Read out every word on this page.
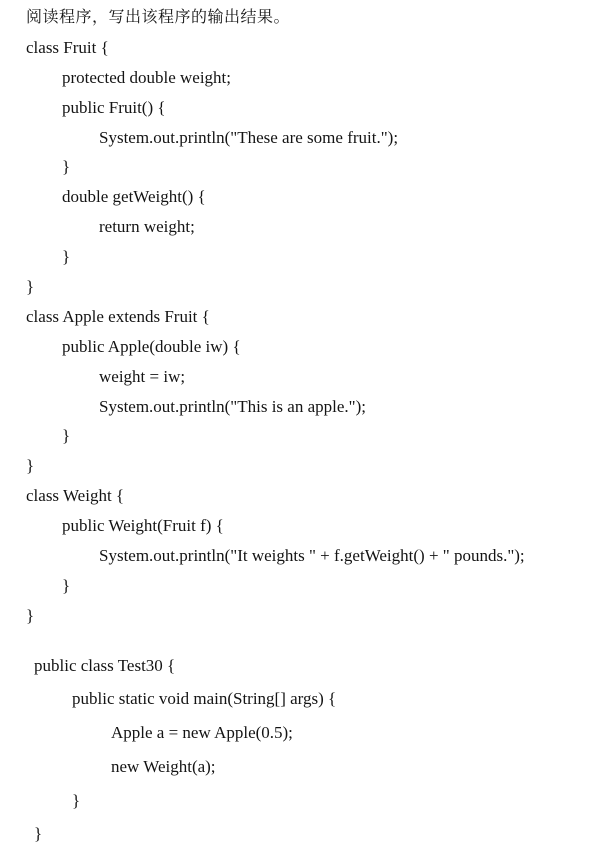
阅读程序，写出该程序的输出结果。
class Fruit {
protected double weight;
public Fruit() {
System.out.println("These are some fruit.");
}
double getWeight() {
return weight;
}
}
class Apple extends Fruit {
public Apple(double iw) {
weight = iw;
System.out.println("This is an apple.");
}
}
class Weight {
public Weight(Fruit f) {
System.out.println("It weights " + f.getWeight() + " pounds.");
}
}
public class Test30 {
public static void main(String[] args) {
Apple a = new Apple(0.5);
new Weight(a);
}
}
